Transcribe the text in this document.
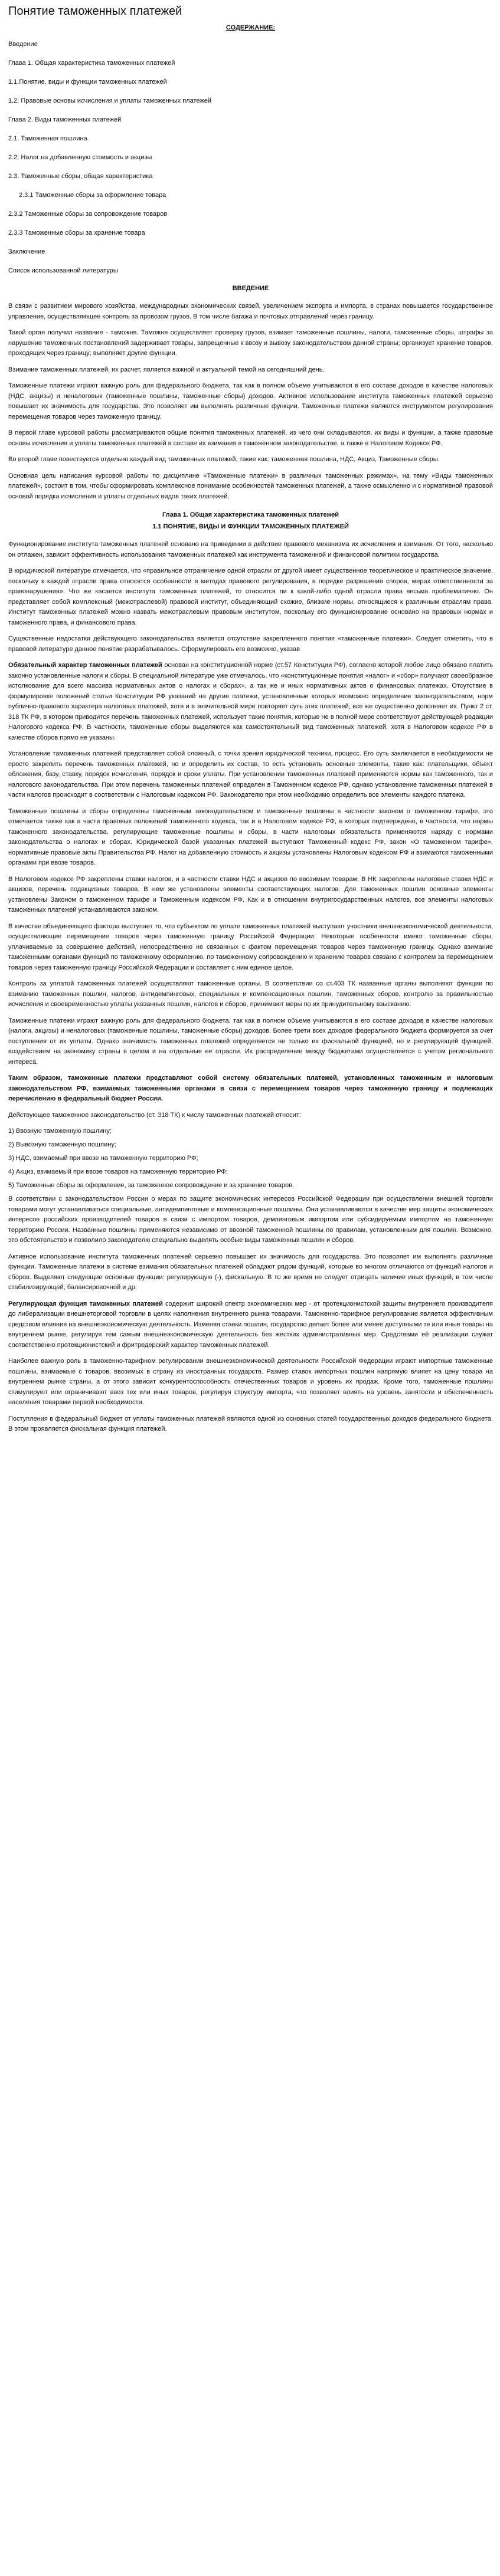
Понятие таможенных платежей
СОДЕРЖАНИЕ:
Введение
Глава 1. Общая характеристика таможенных платежей
1.1.Понятие, виды и функции таможенных платежей
1.2. Правовые основы исчисления и уплаты таможенных платежей
Глава 2. Виды таможенных платежей
2.1. Таможенная пошлина
2.2. Налог на добавленную стоимость и акцизы
2.3. Таможенные сборы, общая характеристика
2.3.1 Таможенные сборы за оформление товара
2.3.2 Таможенные сборы за сопровождение товаров
2.3.3 Таможенные сборы за хранение товара
Заключение
Список использованной литературы
ВВЕДЕНИЕ

В связи с развитием мирового хозяйства, международных экономических связей, увеличением экспорта и импорта, в странах повышается государственное управление, осуществляющее контроль за провозом грузов. В том числе багажа и почтовых отправлений через границу.

Такой орган получил название - таможня. Таможня осуществляет проверку грузов, взимает таможенные пошлины, налоги, таможенные сборы, штрафы за нарушение таможенных постановлений задерживает товары, запрещенные к ввозу и вывозу законодательством данной страны; организует хранение товаров, проходящих через границу; выполняет другие функции.

Взимание таможенных платежей, их расчет, является важной и актуальной темой на сегодняшний день.

Таможенные платежи играют важную роль для федерального бюджета, так как в полном объеме учитываются в его составе доходов в качестве налоговых (НДС, акцизы) и неналоговых (таможенные пошлины, таможенные сборы) доходов. Активное использование института таможенных платежей серьезно повышает их значимость для государства. Это позволяет им выполнять различные функции. Таможенные платежи являются инструментом регулирования перемещения товаров через таможенную границу.

В первой главе курсовой работы рассматриваются общие понятия таможенных платежей, из чего они складываются, их виды и функции, а также правовые основы исчисления и уплаты таможенных платежей в составе их взимания в таможенном законодательстве, а также в Налоговом Кодексе РФ.

Во второй главе повествуется отдельно каждый вид таможенных платежей, такие как: таможенная пошлина, НДС, Акциз, Таможенные сборы.

Основная цель написания курсовой работы по дисциплине «Таможенные платежи» в различных таможенных режимах», на тему «Виды таможенных платежей», состоит в том, чтобы сформировать комплексное понимание особенностей таможенных платежей, а также осмысленно и с нормативной правовой основой порядка исчисления и уплаты отдельных видов таких платежей.

Глава 1. Общая характеристика таможенных платежей
1.1 ПОНЯТИЕ, ВИДЫ И ФУНКЦИИ ТАМОЖЕННЫХ ПЛАТЕЖЕЙ

Функционирование института таможенных платежей основано на приведении в действие правового механизма их исчисления и взимания. От того, насколько он отлажен, зависит эффективность использования таможенных платежей как инструмента таможенной и финансовой политики государства.

В юридической литературе отмечается, что «правильное отграничение одной отрасли от другой имеет существенное теоретическое и практическое значение, поскольку к каждой отрасли права относятся особенности в методах правового регулирования, в порядке разрешения споров, мерах ответственности за правонарушения». Что же касается института таможенных платежей, то относится ли к какой-либо одной отрасли права весьма проблематично. Он представляет собой комплексный (межотраслевой) правовой институт, объединяющий схожие, близкие нормы, относящиеся к различным отраслям права. Институт таможенных платежей можно назвать межотраслевым правовым институтом, поскольку его функционирование основано на правовых нормах и таможенного права, и финансового права.

Существенные недостатки действующего законодательства является отсутствие закрепленного понятия «таможенные платежи». Следует отметить, что в правовой литературе данное понятие разрабатывалось. Сформулировать его возможно, указав

Обязательный характер таможенных платежей основан на конституционной норме (ст.57 Конституции РФ), согласно которой любое лицо обязано платить законно установленные налоги и сборы. В специальной литературе уже отмечалось, что «конституционные понятия «налог» и «сбор» получают своеобразное истолкование для всего массива нормативных актов о налогах и сборах», а так же и иных нормативных актов о финансовых платежах. Отсутствие в формулировке положений статьи Конституции РФ указаний на другие платежи, установленные которых возможно определение законодательством, норм публично-правового характера налоговых платежей, хотя и в значительной мере повторяет суть этих платежей, все же существенно дополняет их. Пункт 2 ст. 318 ТК РФ, в котором приводится перечень таможенных платежей, использует такие понятия, которые не в полной мере соответствуют действующей редакции Налогового кодекса РФ. В частности, таможенные сборы выделяются как самостоятельный вид таможенных платежей, хотя в Налоговом кодексе РФ в качестве сборов прямо не указаны.

Установление таможенных платежей представляет собой сложный, с точки зрения юридической техники, процесс. Его суть заключается в необходимости не просто закрепить перечень таможенных платежей, но и определить их состав, то есть установить основные элементы, такие как: плательщики, объект обложения, базу, ставку, порядок исчисления, порядок и сроки уплаты. При установлении таможенных платежей применяются нормы как таможенного, так и налогового законодательства. При этом перечень таможенных платежей определен в Таможенном кодексе РФ, однако установление таможенных платежей в части налогов происходит в соответствии с Налоговым кодексом РФ. Законодателю при этом необходимо определить все элементы каждого платежа.

Таможенные пошлины и сборы определены таможенным законодательством и таможенные пошлины в частности законом о таможенном тарифе, это отмечается также как в части правовых положений таможенного кодекса, так и в Налоговом кодексе РФ, в которых подтверждено, в частности, что нормы таможенного законодательства, регулирующие таможенные пошлины и сборы, в части налоговых обязательств применяются наряду с нормами законодательства о налогах и сборах. Юридической базой указанных платежей выступают Таможенный кодекс РФ, закон «О таможенном тарифе», нормативные правовые акты Правительства РФ. Налог на добавленную стоимость и акцизы установлены Налоговым кодексом РФ и взимаются таможенными органами при ввозе товаров.

В Налоговом кодексе РФ закреплены ставки налогов, и в частности ставки НДС и акцизов по ввозимым товарам. В НК закреплены налоговые ставки НДС и акцизов, перечень подакцизных товаров. В нем же установлены элементы соответствующих налогов. Для таможенных пошлин основные элементы установлены Законом о таможенном тарифе и Таможенным кодексом РФ. Как и в отношении внутригосударственных налогов, все элементы налоговых таможенных платежей устанавливаются законом.

В качестве объединяющего фактора выступает то, что субъектом по уплате таможенных платежей выступают участники внешнеэкономической деятельности, осуществляющие перемещение товаров через таможенную границу Российской Федерации. Некоторые особенности имеют таможенные сборы, уплачиваемые за совершение действий, непосредственно не связанных с фактом перемещения товаров через таможенную границу. Однако взимание таможенными органами функций по таможенному оформлению, по таможенному сопровождению и хранению товаров связано с контролем за перемещением товаров через таможенную границу Российской Федерации и составляет с ним единое целое.

Контроль за уплатой таможенных платежей осуществляют таможенные органы. В соответствии со ст.403 ТК названные органы выполняют функции по взиманию таможенных пошлин, налогов, антидемпинговых, специальных и компенсационных пошлин, таможенных сборов, контролю за правильностью исчисления и своевременностью уплаты указанных пошлин, налогов и сборов, принимают меры по их принудительному взысканию.

Таможенные платежи играют важную роль для федерального бюджета, так как в полном объеме учитываются в его составе доходов в качестве налоговых (налоги, акцизы) и неналоговых (таможенные пошлины, таможенные сборы) доходов. Более трети всех доходов федерального бюджета формируется за счет поступления от их уплаты. Однако значимость таможенных платежей определяется не только их фискальной функцией, но и регулирующей функцией, воздействием на экономику страны в целом и на отдельные ее отрасли. Их распределение между бюджетами осуществляется с учетом регионального интереса.

Таким образом, таможенные платежи представляют собой систему обязательных платежей, установленных таможенным и налоговым законодательством РФ, взимаемых таможенными органами в связи с перемещением товаров через таможенную границу и подлежащих перечислению в федеральный бюджет России.

Действующее таможенное законодательство (ст. 318 ТК) к числу таможенных платежей относит:

1) Ввозную таможенную пошлину;
2) Вывозную таможенную пошлину;
3) НДС, взимаемый при ввозе на таможенную территорию РФ;
4) Акциз, взимаемый при ввозе товаров на таможенную территорию РФ;
5) Таможенные сборы за оформление, за таможенное сопровождение и за хранение товаров.

В соответствии с законодательством России о мерах по защите экономических интересов Российской Федерации при осуществлении внешней торговли товарами могут устанавливаться специальные, антидемпинговые и компенсационные пошлины. Они устанавливаются в качестве мер защиты экономических интересов российских производителей товаров в связи с импортом товаров, демпинговым импортом или субсидируемым импортом на таможенную территорию России. Названные пошлины применяются независимо от ввозной таможенной пошлины по правилам, установленным для пошлин. Возможно, это обстоятельство и позволило законодателю специально выделять особые виды таможенных пошлин и сборов.

Активное использование института таможенных платежей серьезно повышает их значимость для государства. Это позволяет им выполнять различные функции. Таможенные платежи в системе взимания обязательных платежей обладают рядом функций, которые во многом отличаются от функций налогов и сборов. Выделяют следующие основные функции: регулирующую (-), фискальную. В то же время не следует отрицать наличие иных функций, в том числе стабилизирующей, балансировочной и др.

Регулирующая функция таможенных платежей содержит широкий спектр экономических мер - от протекционистской защиты внутреннего производителя до либерализации внешнеторговой торговли в целях наполнения внутреннего рынка товарами. Таможенно-тарифное регулирование является эффективным средством влияния на внешнеэкономическую деятельность. Изменяя ставки пошлин, государство делает более или менее доступными те или иные товары на внутреннем рынке, регулируя тем самым внешнеэкономическую деятельность без жестких административных мер. Средствами её реализации служат соответственно протекционистский и фритредерский характер таможенных платежей.

Наиболее важную роль в таможенно-тарифном регулировании внешнеэкономической деятельности Российской Федерации играют импортные таможенные пошлины, взимаемые с товаров, ввозимых в страну из иностранных государств. Размер ставок импортных пошлин напрямую влияет на цену товара на внутреннем рынке страны, а от этого зависит конкурентоспособность отечественных товаров и уровень их продаж. Кроме того, таможенные пошлины стимулируют или ограничивают ввоз тех или иных товаров, регулируя структуру импорта, что позволяет влиять на уровень занятости и обеспеченность населения товарами первой необходимости.

Поступления в федеральный бюджет от уплаты таможенных платежей являются одной из основных статей государственных доходов федерального бюджета. В этом проявляется фискальная функция платежей.
